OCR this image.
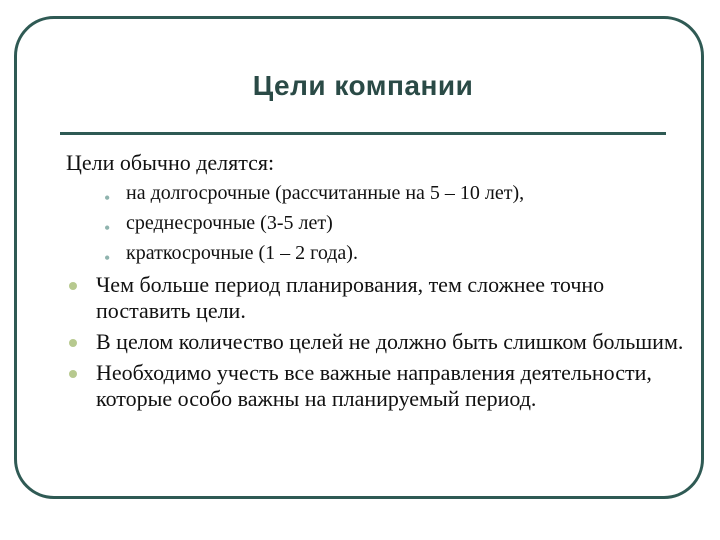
Цели компании
Цели обычно делятся:
• на долгосрочные (рассчитанные на 5 – 10 лет),
• среднесрочные (3-5 лет)
• краткосрочные (1 – 2 года).
Чем больше период планирования, тем сложнее точно поставить цели.
В целом количество целей не должно быть слишком большим.
Необходимо учесть все важные направления деятельности, которые особо важны на планируемый период.
